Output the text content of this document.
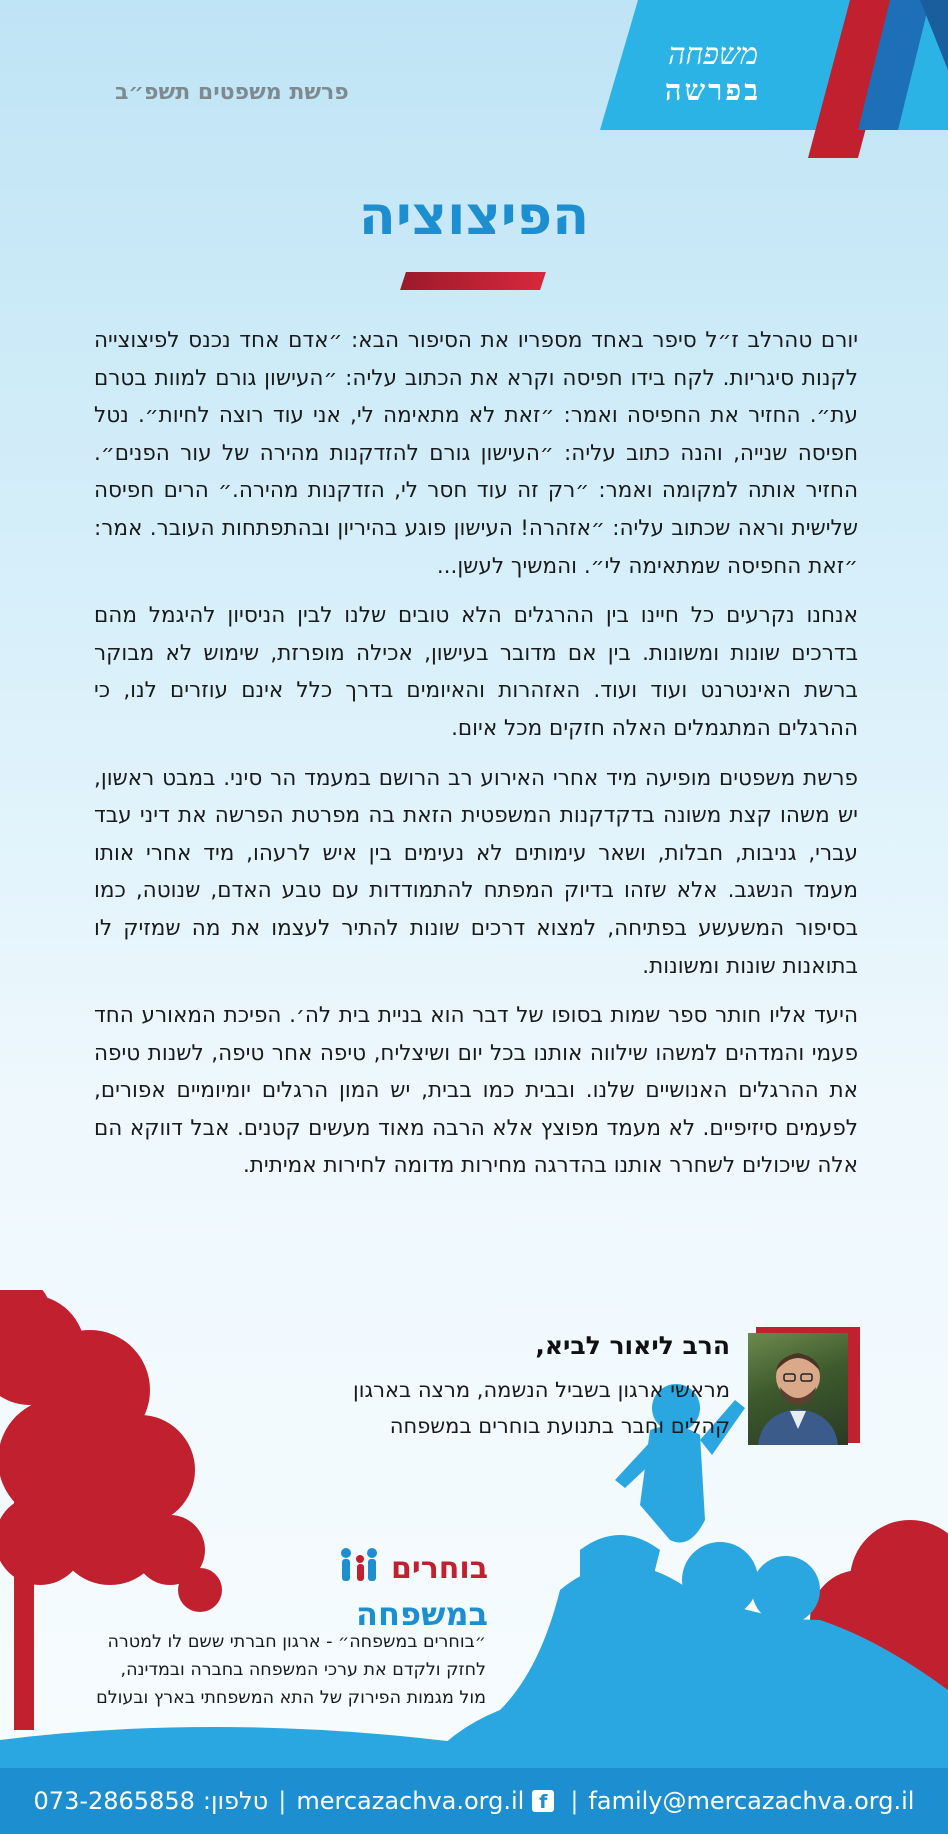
משפחה
בפרשה
פרשת משפטים תשפ״ב
הפיצוציה

יורם טהרלב ז״ל סיפר באחד מספריו את הסיפור הבא: ״אדם אחד נכנס לפיצוצייה לקנות סיגריות. לקח בידו חפיסה וקרא את הכתוב עליה: ״העישון גורם למוות בטרם עת״. החזיר את החפיסה ואמר: ״זאת לא מתאימה לי, אני עוד רוצה לחיות״. נטל חפיסה שנייה, והנה כתוב עליה: ״העישון גורם להזדקנות מהירה של עור הפנים״. החזיר אותה למקומה ואמר: ״רק זה עוד חסר לי, הזדקנות מהירה.״ הרים חפיסה שלישית וראה שכתוב עליה: ״אזהרה! העישון פוגע בהיריון ובהתפתחות העובר. אמר: ״זאת החפיסה שמתאימה לי״. והמשיך לעשן...

אנחנו נקרעים כל חיינו בין ההרגלים הלא טובים שלנו לבין הניסיון להיגמל מהם בדרכים שונות ומשונות. בין אם מדובר בעישון, אכילה מופרזת, שימוש לא מבוקר ברשת האינטרנט ועוד ועוד. האזהרות והאיומים בדרך כלל אינם עוזרים לנו, כי ההרגלים המתגמלים האלה חזקים מכל איום.

פרשת משפטים מופיעה מיד אחרי האירוע רב הרושם במעמד הר סיני. במבט ראשון, יש משהו קצת משונה בדקדקנות המשפטית הזאת בה מפרטת הפרשה את דיני עבד עברי, גניבות, חבלות, ושאר עימותים לא נעימים בין איש לרעהו, מיד אחרי אותו מעמד הנשגב. אלא שזהו בדיוק המפתח להתמודדות עם טבע האדם, שנוטה, כמו בסיפור המשעשע בפתיחה, למצוא דרכים שונות להתיר לעצמו את מה שמזיק לו בתואנות שונות ומשונות.

היעד אליו חותר ספר שמות בסופו של דבר הוא בניית בית לה׳. הפיכת המאורע החד פעמי והמדהים למשהו שילווה אותנו בכל יום ושיצליח, טיפה אחר טיפה, לשנות טיפה את ההרגלים האנושיים שלנו. ובבית כמו בבית, יש המון הרגלים יומיומיים אפורים, לפעמים סיזיפיים. לא מעמד מפוצץ אלא הרבה מאוד מעשים קטנים. אבל דווקא הם אלה שיכולים לשחרר אותנו בהדרגה מחירות מדומה לחירות אמיתית.

הרב ליאור לביא,
מראשי ארגון בשביל הנשמה, מרצה בארגון
קהלים וחבר בתנועת בוחרים במשפחה
בוחרים
במשפחה
״בוחרים במשפחה״ - ארגון חברתי ששם לו למטרה
לחזק ולקדם את ערכי המשפחה בחברה ובמדינה,
מול מגמות הפירוק של התא המשפחתי בארץ ובעולם
טלפון:
073-2865858	| mercazachva.org.il f | family@mercazachva.org.il
